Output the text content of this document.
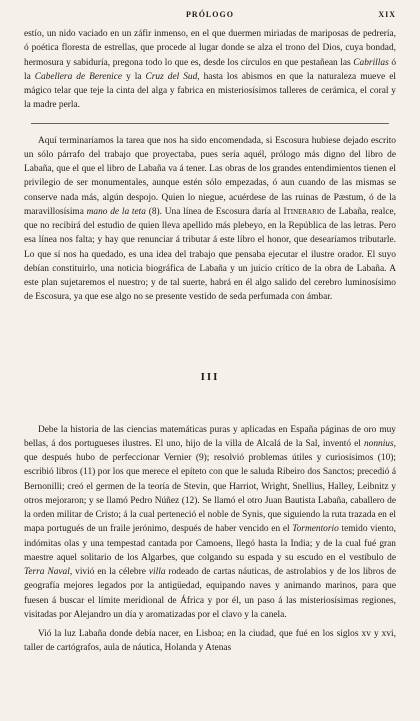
PRÓLOGO	XIX

estío, un nido vaciado en un záfir inmenso, en el que duermen miriadas de mariposas de pedrería, ó poética floresta de estrellas, que procede al lugar donde se alza el trono del Dios, cuya bondad, hermosura y sabiduría, pregona todo lo que es, desde los círculos en que pestañean las Cabrillas ó la Cabellera de Berenice y la Cruz del Sud, hasta los abismos en que la naturaleza mueve el mágico telar que teje la cinta del alga y fabrica en misteriosísimos talleres de cerámica, el coral y la madre perla.

Aquí terminaríamos la tarea que nos ha sido encomendada, si Escosura hubiese dejado escrito un sólo párrafo del trabajo que proyectaba, pues sería aquél, prólogo más digno del libro de Labaña, que el que el libro de Labaña va á tener. Las obras de los grandes entendimientos tienen el privilegio de ser monumentales, aunque estén sólo empezadas, ó aun cuando de las mismas se conserve nada más, algún despojo. Quien lo niegue, acuérdese de las ruinas de Pæstum, ó de la maravillosísima mano de la teta (8). Una línea de Escosura daría al Itinerario de Labaña, realce, que no recibirá del estudio de quien lleva apellido más plebeyo, en la República de las letras. Pero esa línea nos falta; y hay que renunciar á tributar á este libro el honor, que desearíamos tributarle. Lo que sí nos ha quedado, es una idea del trabajo que pensaba ejecutar el ilustre orador. El suyo debían constituirlo, una noticia biográfica de Labaña y un juicio crítico de la obra de Labaña. A este plan sujetaremos el nuestro; y de tal suerte, habrá en él algo salido del cerebro luminosísimo de Escosura, ya que ese algo no se presente vestido de seda perfumada con ámbar.

III

Debe la historia de las ciencias matemáticas puras y aplicadas en España páginas de oro muy bellas, á dos portugueses ilustres. El uno, hijo de la villa de Alcalá de la Sal, inventó el nonnius, que después hubo de perfeccionar Vernier (9); resolvió problemas útiles y curiosísimos (10); escribió libros (11) por los que merece el epíteto con que le saluda Ribeiro dos Sanctos; precedió á Bernonilli; creó el germen de la teoría de Stevin, que Harriot, Wright, Snellius, Halley, Leibnitz y otros mejoraron; y se llamó Pedro Núñez (12). Se llamó el otro Juan Bautista Labaña, caballero de la orden militar de Cristo; á la cual perteneció el noble de Synis, que siguiendo la ruta trazada en el mapa portugués de un fraile jerónimo, después de haber vencido en el Tormentorio temido viento, indómitas olas y una tempestad cantada por Camoens, llegó hasta la India; y de la cual fué gran maestre aquel solitario de los Algarbes, que colgando su espada y su escudo en el vestíbulo de Terra Naval, vivió en la célebre villa rodeado de cartas náuticas, de astrolabios y de los libros de geografía mejores legados por la antigüedad, equipando naves y animando marinos, para que fuesen á buscar el límite meridional de África y por él, un paso á las misteriosísimas regiones, visitadas por Alejandro un día y aromatizadas por el clavo y la canela.

Vió la luz Labaña donde debía nacer, en Lisboa; en la ciudad, que fué en los siglos xv y xvi, taller de cartógrafos, aula de náutica, Holanda y Atenas
